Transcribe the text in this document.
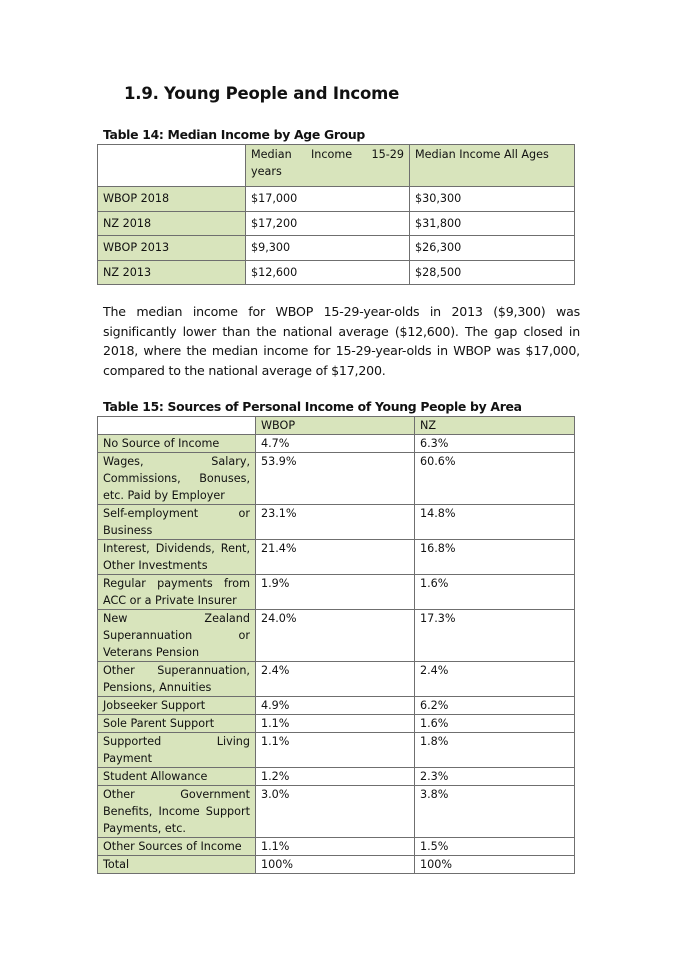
1.9. Young People and Income

Table 14: Median Income by Age Group

	Median Income 15-29 years	Median Income All Ages
WBOP 2018	$17,000	$30,300
NZ 2018	$17,200	$31,800
WBOP 2013	$9,300	$26,300
NZ 2013	$12,600	$28,500

The median income for WBOP 15-29-year-olds in 2013 ($9,300) was significantly lower than the national average ($12,600). The gap closed in 2018, where the median income for 15-29-year-olds in WBOP was $17,000, compared to the national average of $17,200.

Table 15: Sources of Personal Income of Young People by Area

	WBOP	NZ
No Source of Income	4.7%	6.3%
Wages, Salary, Commissions, Bonuses, etc. Paid by Employer	53.9%	60.6%
Self-employment or Business	23.1%	14.8%
Interest, Dividends, Rent, Other Investments	21.4%	16.8%
Regular payments from ACC or a Private Insurer	1.9%	1.6%
New Zealand Superannuation or Veterans Pension	24.0%	17.3%
Other Superannuation, Pensions, Annuities	2.4%	2.4%
Jobseeker Support	4.9%	6.2%
Sole Parent Support	1.1%	1.6%
Supported Living Payment	1.1%	1.8%
Student Allowance	1.2%	2.3%
Other Government Benefits, Income Support Payments, etc.	3.0%	3.8%
Other Sources of Income	1.1%	1.5%
Total	100%	100%
